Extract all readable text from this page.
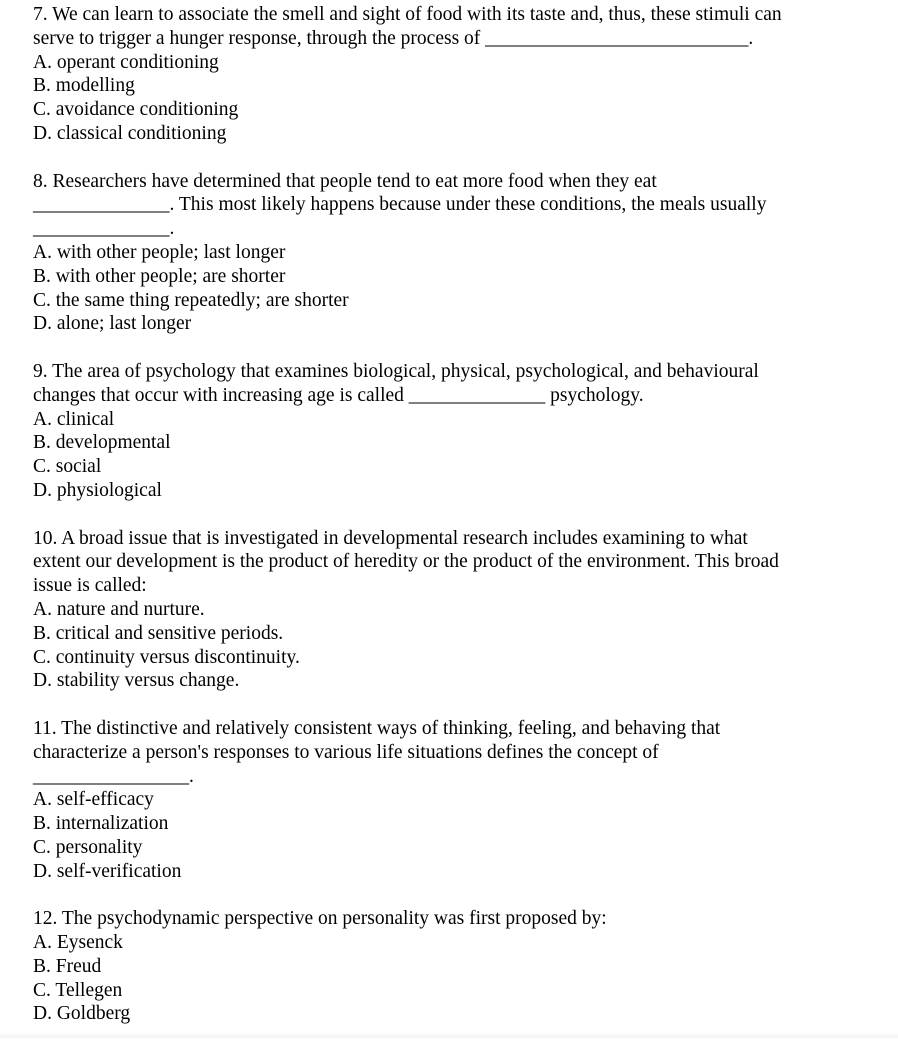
7. We can learn to associate the smell and sight of food with its taste and, thus, these stimuli can

serve to trigger a hunger response, through the process of ___________________________.

A. operant conditioning

B. modelling

C. avoidance conditioning

D. classical conditioning

8. Researchers have determined that people tend to eat more food when they eat

______________. This most likely happens because under these conditions, the meals usually

______________.

A. with other people; last longer

B. with other people; are shorter

C. the same thing repeatedly; are shorter

D. alone; last longer

9. The area of psychology that examines biological, physical, psychological, and behavioural

changes that occur with increasing age is called ______________ psychology.

A. clinical

B. developmental

C. social

D. physiological

10. A broad issue that is investigated in developmental research includes examining to what

extent our development is the product of heredity or the product of the environment. This broad

issue is called:

A. nature and nurture.

B. critical and sensitive periods.

C. continuity versus discontinuity.

D. stability versus change.

11. The distinctive and relatively consistent ways of thinking, feeling, and behaving that

characterize a person's responses to various life situations defines the concept of

________________.

A. self-efficacy

B. internalization

C. personality

D. self-verification

12. The psychodynamic perspective on personality was first proposed by:

A. Eysenck

B. Freud

C. Tellegen

D. Goldberg
